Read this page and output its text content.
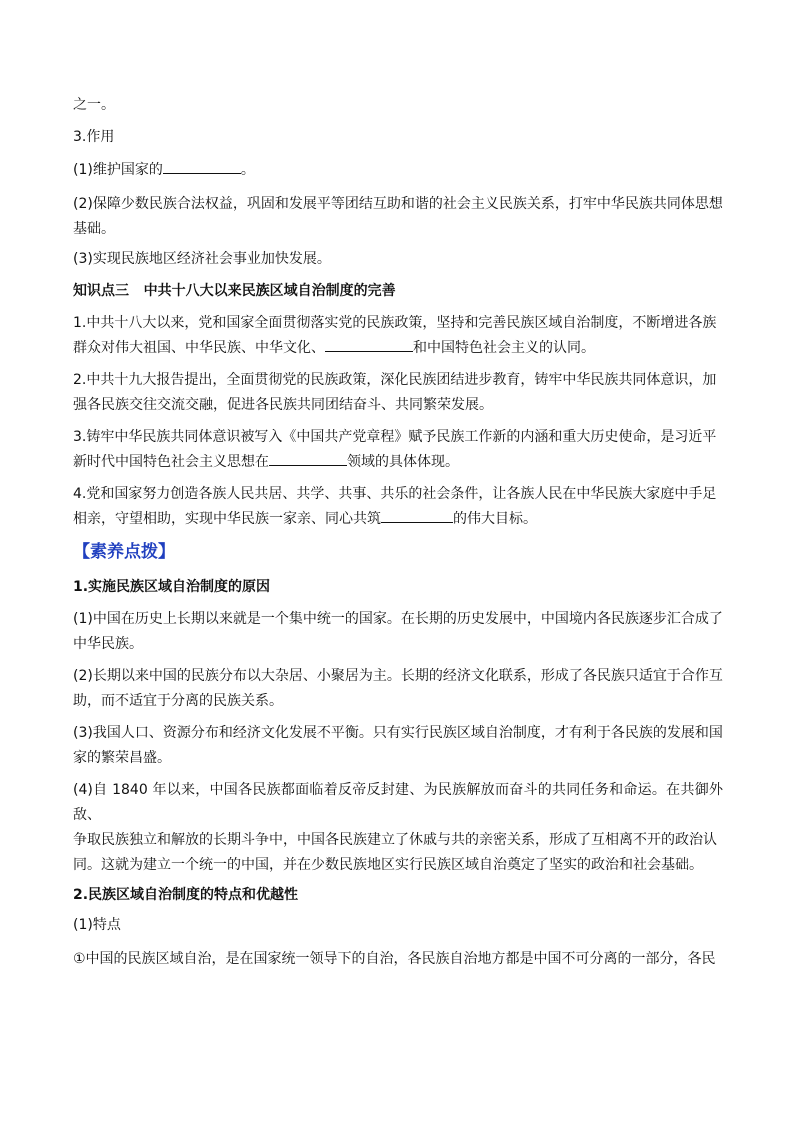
之一。
3.作用
(1)维护国家的	。
(2)保障少数民族合法权益，巩固和发展平等团结互助和谐的社会主义民族关系，打牢中华民族共同体思想
基础。
(3)实现民族地区经济社会事业加快发展。
知识点三 中共十八大以来民族区域自治制度的完善
1.中共十八大以来，党和国家全面贯彻落实党的民族政策，坚持和完善民族区域自治制度，不断增进各族
群众对伟大祖国、中华民族、中华文化、	和中国特色社会主义的认同。
2.中共十九大报告提出，全面贯彻党的民族政策，深化民族团结进步教育，铸牢中华民族共同体意识，加
强各民族交往交流交融，促进各民族共同团结奋斗、共同繁荣发展。
3.铸牢中华民族共同体意识被写入《中国共产党章程》赋予民族工作新的内涵和重大历史使命，是习近平
新时代中国特色社会主义思想在	领域的具体体现。
4.党和国家努力创造各族人民共居、共学、共事、共乐的社会条件，让各族人民在中华民族大家庭中手足
相亲，守望相助，实现中华民族一家亲、同心共筑	的伟大目标。
【素养点拨】
1.实施民族区域自治制度的原因
(1)中国在历史上长期以来就是一个集中统一的国家。在长期的历史发展中，中国境内各民族逐步汇合成了
中华民族。
(2)长期以来中国的民族分布以大杂居、小聚居为主。长期的经济文化联系，形成了各民族只适宜于合作互
助，而不适宜于分离的民族关系。
(3)我国人口、资源分布和经济文化发展不平衡。只有实行民族区域自治制度，才有利于各民族的发展和国
家的繁荣昌盛。
(4)自 1840 年以来，中国各民族都面临着反帝反封建、为民族解放而奋斗的共同任务和命运。在共御外敌、
争取民族独立和解放的长期斗争中，中国各民族建立了休戚与共的亲密关系，形成了互相离不开的政治认
同。这就为建立一个统一的中国，并在少数民族地区实行民族区域自治奠定了坚实的政治和社会基础。
2.民族区域自治制度的特点和优越性
(1)特点
①中国的民族区域自治，是在国家统一领导下的自治，各民族自治地方都是中国不可分离的一部分，各民
